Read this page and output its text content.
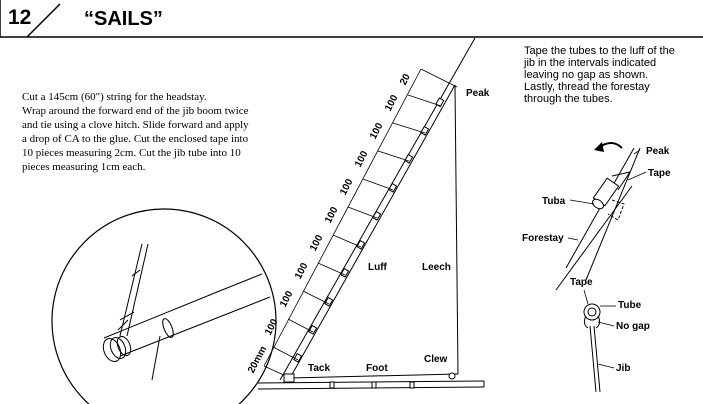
12	“SAILS”
Cut a 145cm (60") string for the headstay.
Wrap around the forward end of the jib boom twice
and tie using a clove hitch. Slide forward and apply
a drop of CA to the glue. Cut the enclosed tape into
10 pieces measuring 2cm. Cut the jib tube into 10
pieces measuring 1cm each.
Tape the tubes to the luff of the
jib in the intervals indicated
leaving no gap as shown.
Lastly, thread the forestay
through the tubes.
Peak
Luff	Leech
Tack	Foot
Clew
20
100
100
100
100
100
100
100
100
100
20mm
Peak
Tape
Tuba
Forestay
Tape
Tube
No gap
Jib
